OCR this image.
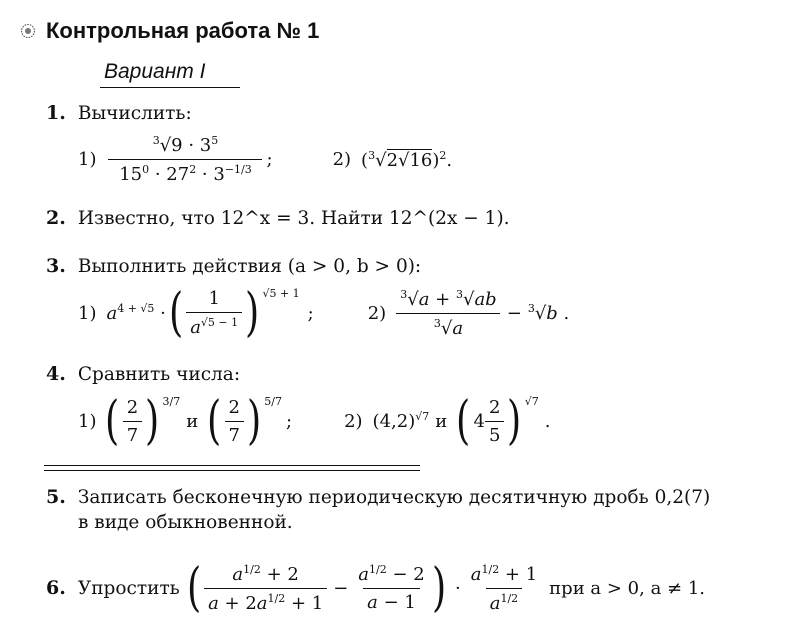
Контрольная работа № 1
Вариант I
1. Вычислить:
$1) \frac{^3√9 \cdot 3^5}{15^0 \cdot 27^2 \cdot 3^{-1/3}}$ ;	2) $(^3√2√16)^2$.
2. Известно, что 12^x = 3. Найти 12^(2x − 1).
3. Выполнить действия (a > 0, b > 0):
1) $a^{4 + √5}$ · ( $\frac{1}{a^{√5 - 1}}$ ) $^{√5 + 1}$
;	$2) \frac{^3√a + ^3√ab}{^3√a} - ^3√b$ .
4. Сравнить числа:
1) ( $\frac{2}{7}$ ) $^{3/7}$
и ( $\frac{2}{7}$ ) $^{5/7}$
;	2) $(4,2)^{√7}$ и ( $4 \frac{2}{5}$ ) $^{√7}$
.
5. Записать бесконечную периодическую десятичную дробь 0,2(7)
в виде обыкновенной.
6. Упростить ( $\frac{a^{1/2} + 2}{a + 2a^{1/2} + 1} - \frac{a^{1/2} - 2}{a - 1}$ ) · $\frac{a^{1/2} + 1}{a^{1/2}}$ при a > 0, a ≠ 1.
